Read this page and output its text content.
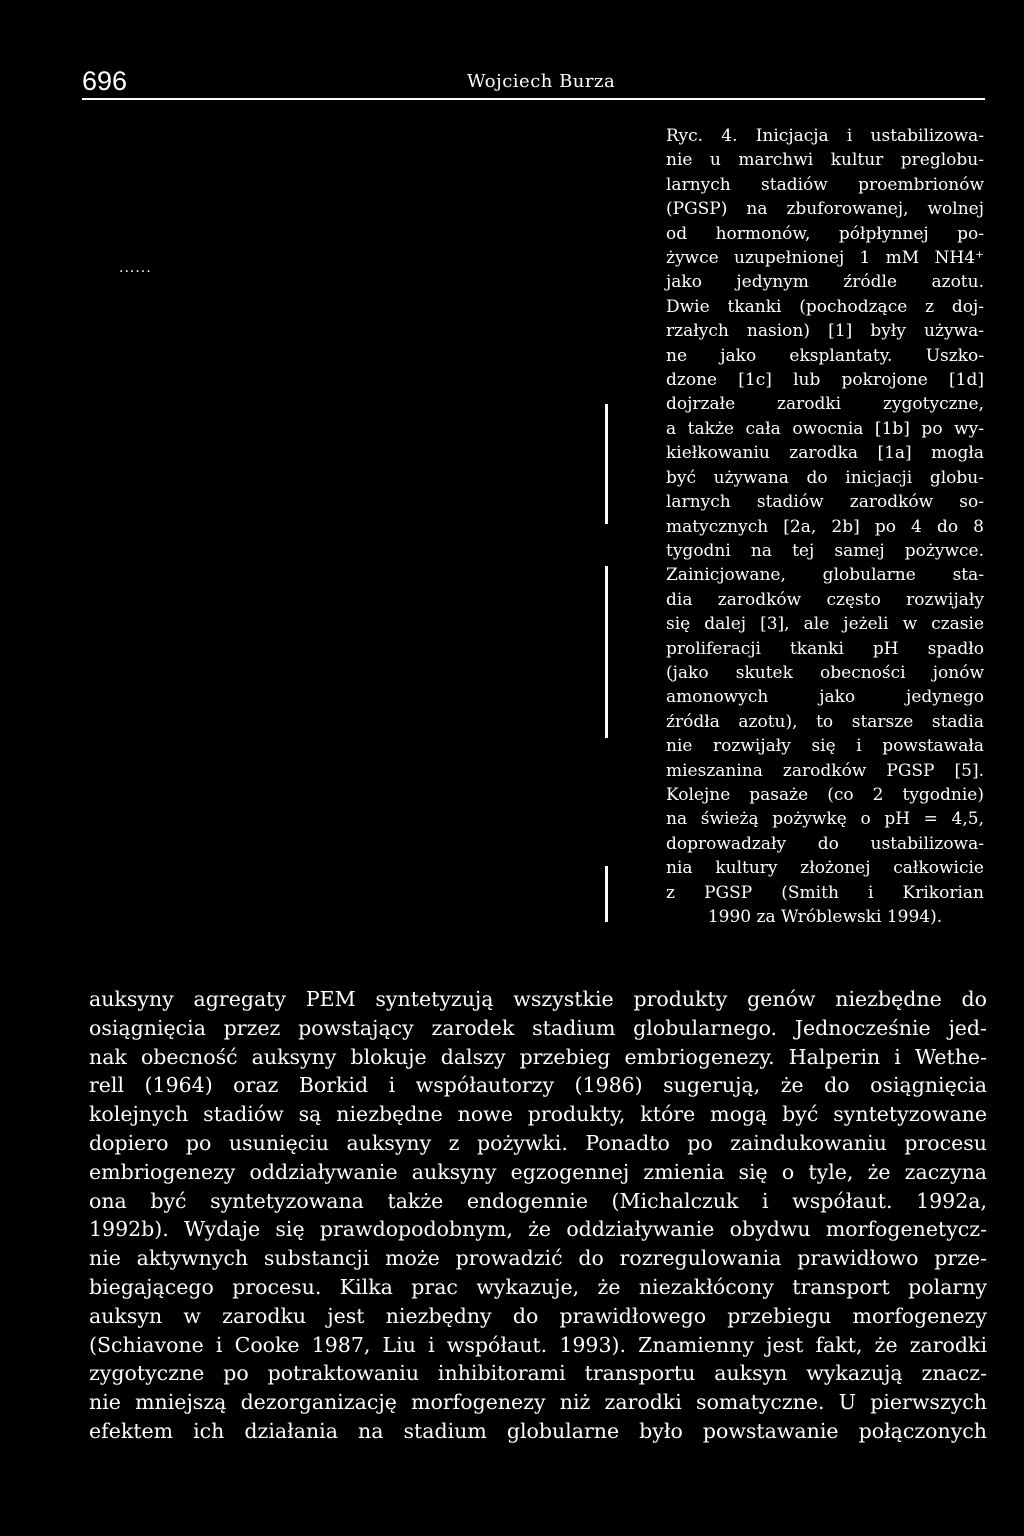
696	Wojciech Burza
......
Ryc. 4. Inicjacja i ustabilizowa-
nie u marchwi kultur preglobu-
larnych stadiów proembrionów
(PGSP) na zbuforowanej, wolnej
od hormonów, półpłynnej po-
żywce uzupełnionej 1 mM NH4⁺
jako jedynym źródle azotu.
Dwie tkanki (pochodzące z doj-
rzałych nasion) [1] były używa-
ne jako eksplantaty. Uszko-
dzone [1c] lub pokrojone [1d]
dojrzałe zarodki zygotyczne,
a także cała owocnia [1b] po wy-
kiełkowaniu zarodka [1a] mogła
być używana do inicjacji globu-
larnych stadiów zarodków so-
matycznych [2a, 2b] po 4 do 8
tygodni na tej samej pożywce.
Zainicjowane, globularne sta-
dia zarodków często rozwijały
się dalej [3], ale jeżeli w czasie
proliferacji tkanki pH spadło
(jako skutek obecności jonów
amonowych jako jedynego
źródła azotu), to starsze stadia
nie rozwijały się i powstawała
mieszanina zarodków PGSP [5].
Kolejne pasaże (co 2 tygodnie)
na świeżą pożywkę o pH = 4,5,
doprowadzały do ustabilizowa-
nia kultury złożonej całkowicie
z PGSP (Smith i Krikorian
1990 za Wróblewski 1994).
auksyny agregaty PEM syntetyzują wszystkie produkty genów niezbędne do
osiągnięcia przez powstający zarodek stadium globularnego. Jednocześnie jed-
nak obecność auksyny blokuje dalszy przebieg embriogenezy. Halperin i Wethe-
rell (1964) oraz Borkid i współautorzy (1986) sugerują, że do osiągnięcia
kolejnych stadiów są niezbędne nowe produkty, które mogą być syntetyzowane
dopiero po usunięciu auksyny z pożywki. Ponadto po zaindukowaniu procesu
embriogenezy oddziaływanie auksyny egzogennej zmienia się o tyle, że zaczyna
ona być syntetyzowana także endogennie (Michalczuk i współaut. 1992a,
1992b). Wydaje się prawdopodobnym, że oddziaływanie obydwu morfogenetycz-
nie aktywnych substancji może prowadzić do rozregulowania prawidłowo prze-
biegającego procesu. Kilka prac wykazuje, że niezakłócony transport polarny
auksyn w zarodku jest niezbędny do prawidłowego przebiegu morfogenezy
(Schiavone i Cooke 1987, Liu i współaut. 1993). Znamienny jest fakt, że zarodki
zygotyczne po potraktowaniu inhibitorami transportu auksyn wykazują znacz-
nie mniejszą dezorganizację morfogenezy niż zarodki somatyczne. U pierwszych
efektem ich działania na stadium globularne było powstawanie połączonych
